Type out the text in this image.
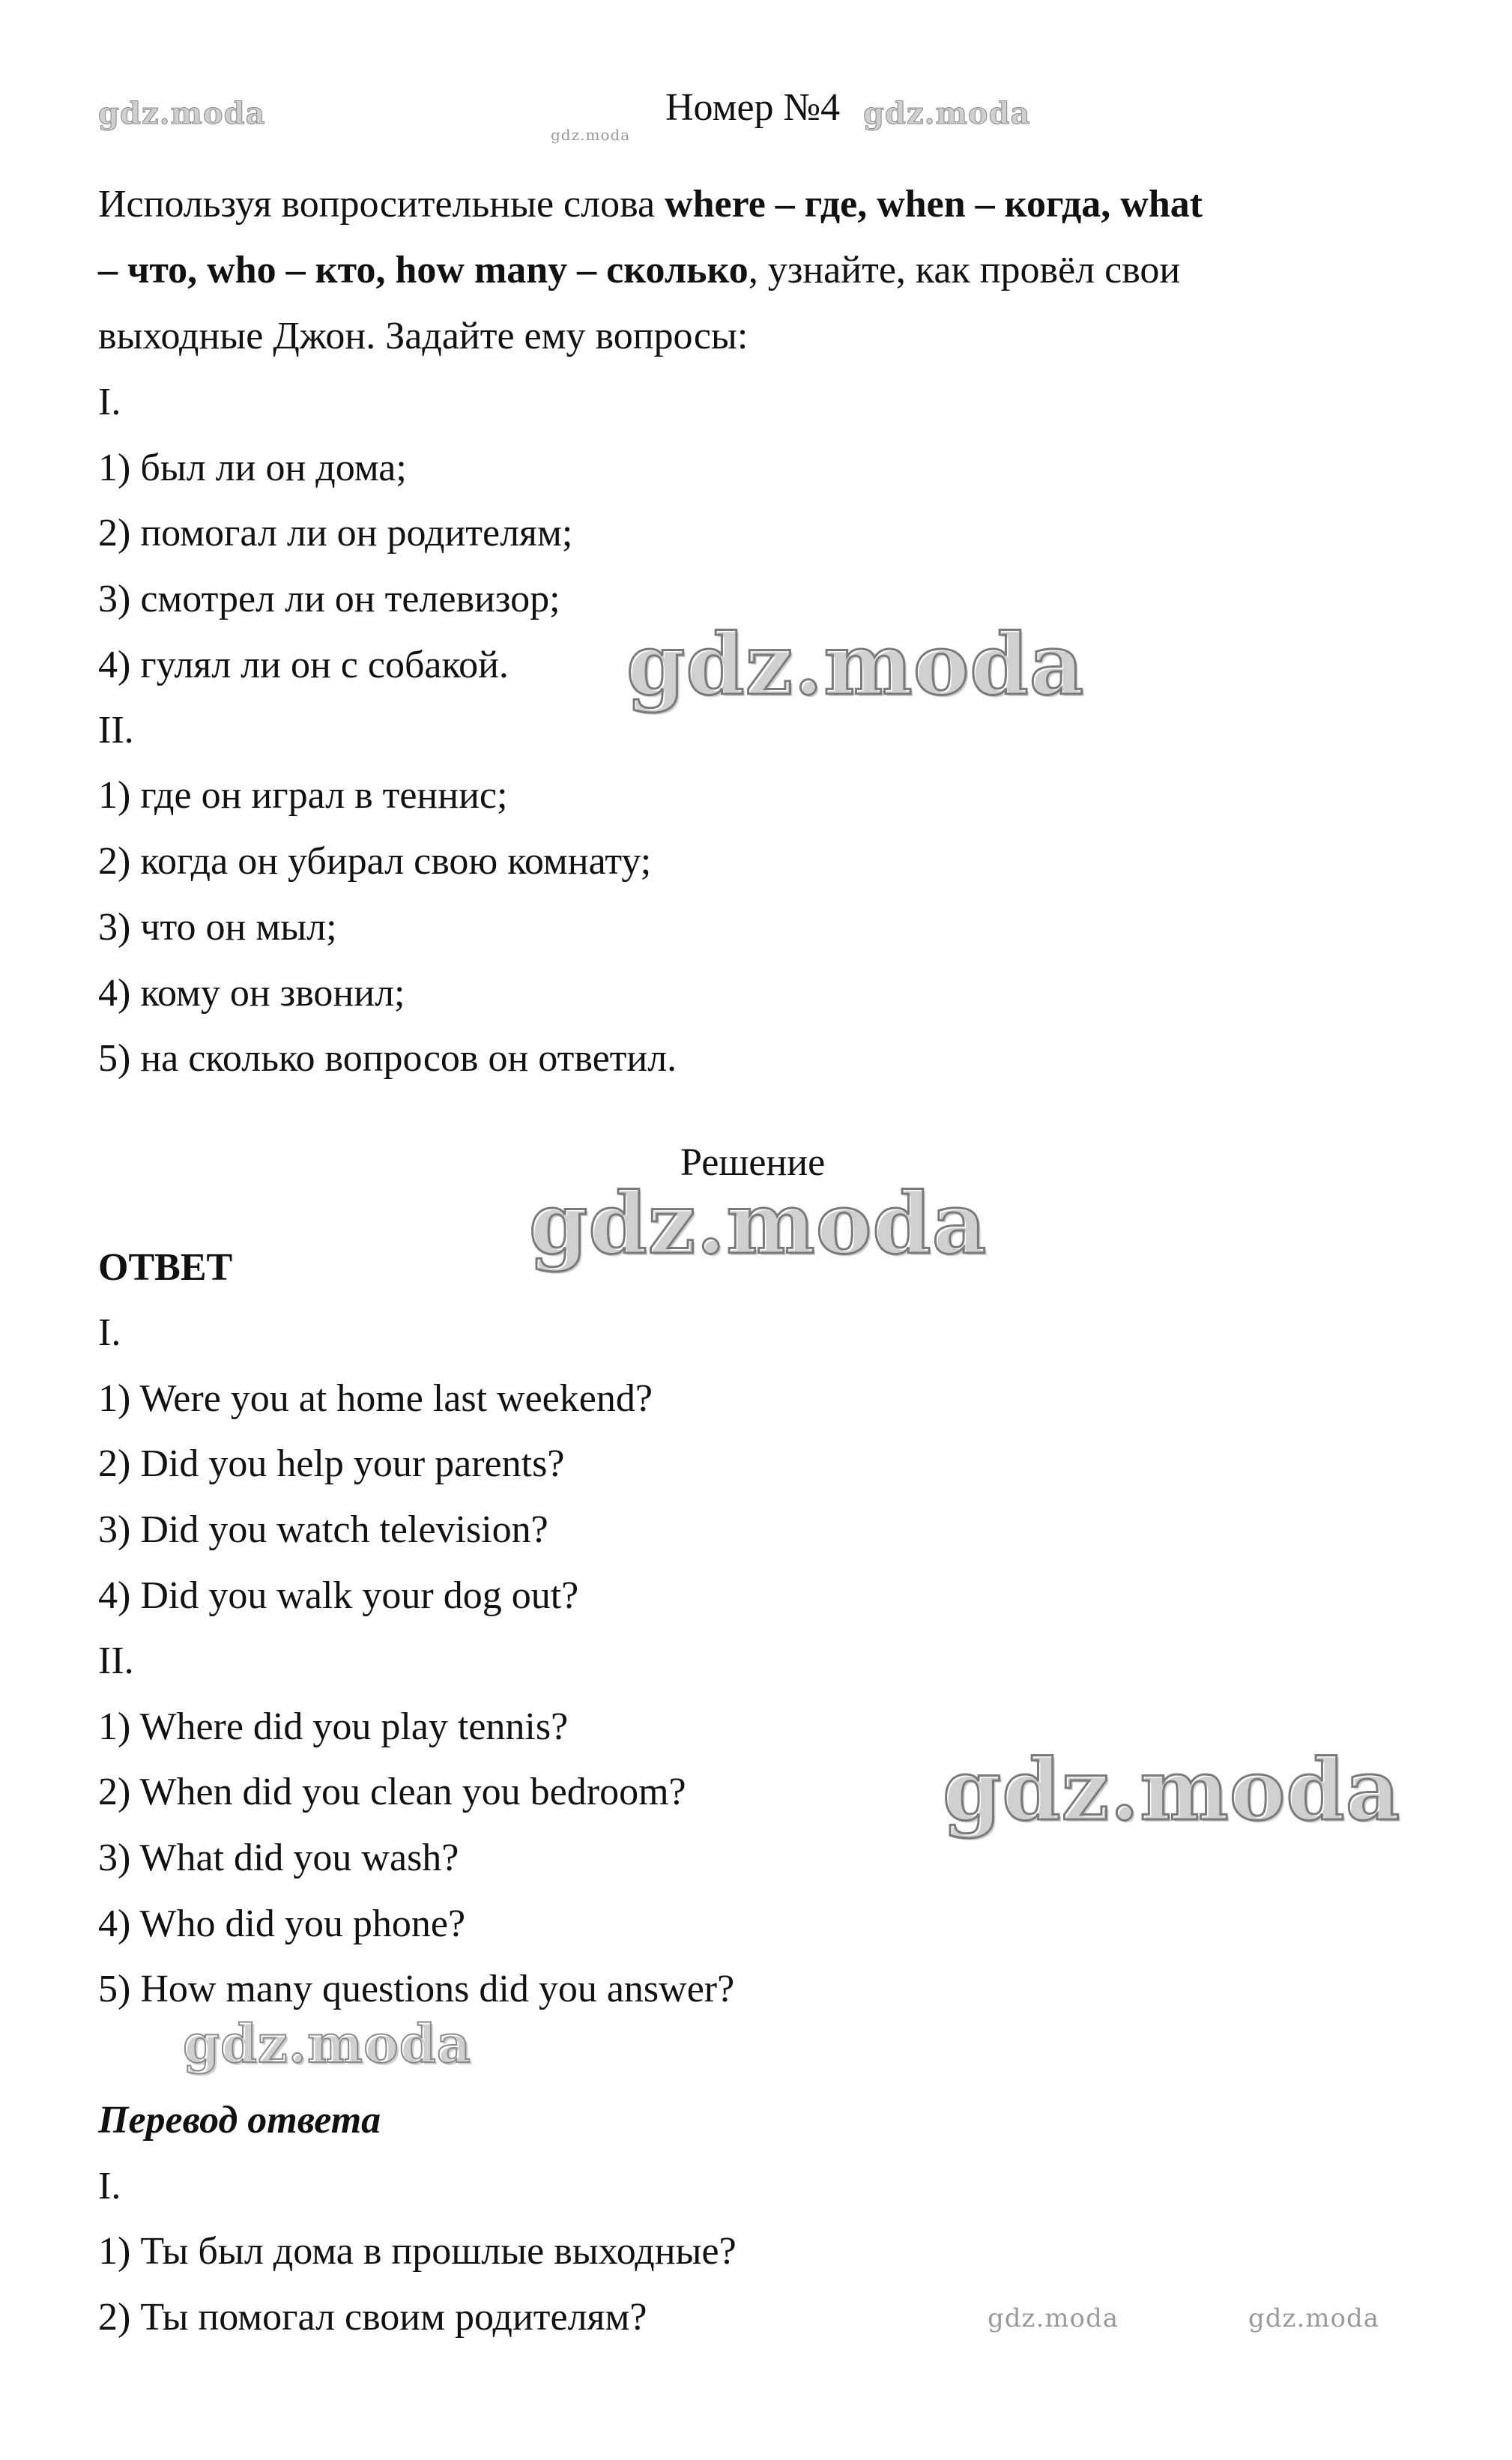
gdz.moda
gdz.moda
gdz.moda
gdz.moda
gdz.moda
gdz.moda
gdz.moda
gdz.moda	gdz.moda
Номер №4
Используя вопросительные слова where – где, when – когда, what
– что, who – кто, how many – сколько, узнайте, как провёл свои
выходные Джон. Задайте ему вопросы:
I.
1) был ли он дома;
2) помогал ли он родителям;
3) смотрел ли он телевизор;
4) гулял ли он с собакой.
II.
1) где он играл в теннис;
2) когда он убирал свою комнату;
3) что он мыл;
4) кому он звонил;
5) на сколько вопросов он ответил.
Решение
ОТВЕТ
I.
1) Were you at home last weekend?
2) Did you help your parents?
3) Did you watch television?
4) Did you walk your dog out?
II.
1) Where did you play tennis?
2) When did you clean you bedroom?
3) What did you wash?
4) Who did you phone?
5) How many questions did you answer?
Перевод ответа
I.
1) Ты был дома в прошлые выходные?
2) Ты помогал своим родителям?
